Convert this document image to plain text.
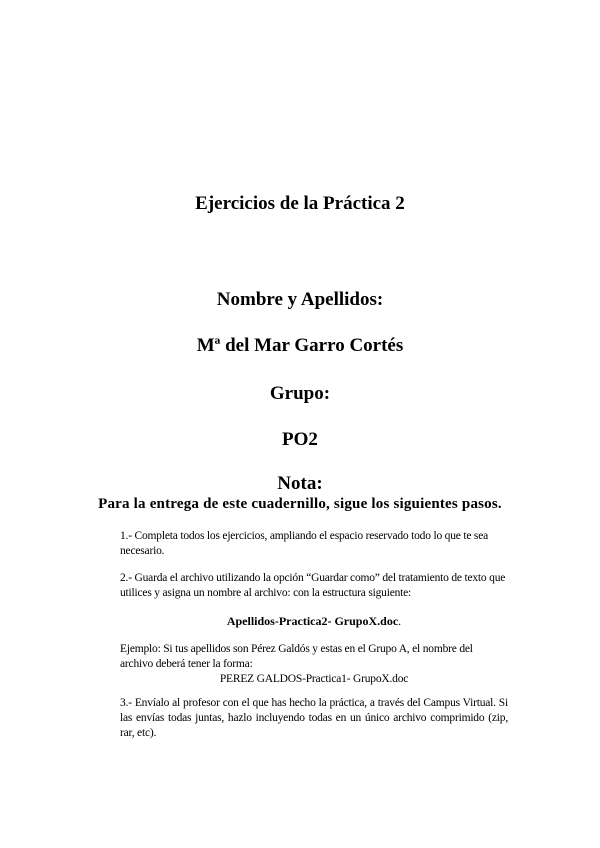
Ejercicios de la Práctica 2
Nombre y Apellidos:
Mª del Mar Garro Cortés
Grupo:
PO2
Nota:
Para la entrega de este cuadernillo, sigue los siguientes pasos.
1.- Completa todos los ejercicios, ampliando el espacio reservado todo lo que te sea necesario.
2.- Guarda el archivo utilizando la opción “Guardar como” del tratamiento de texto que utilices y asigna un nombre al archivo: con la estructura siguiente:
Apellidos-Practica2- GrupoX.doc.
Ejemplo: Si tus apellidos son Pérez Galdós y estas en el Grupo A, el nombre del archivo deberá tener la forma:
PEREZ GALDOS-Practica1- GrupoX.doc
3.- Envíalo al profesor con el que has hecho la práctica, a través del Campus Virtual. Si las envías todas juntas, hazlo incluyendo todas en un único archivo comprimido (zip, rar, etc).
